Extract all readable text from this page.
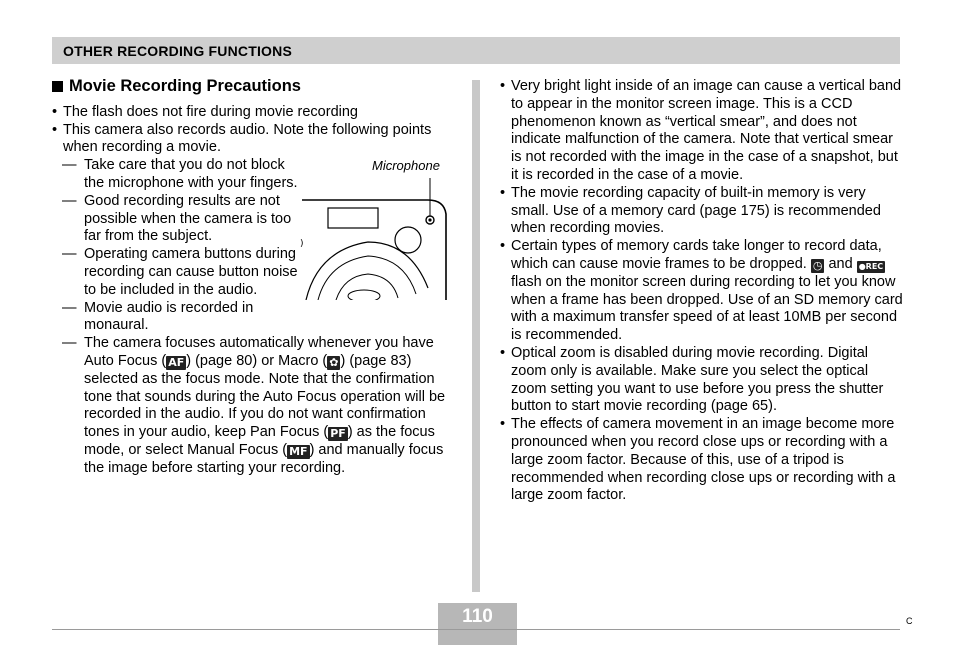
OTHER RECORDING FUNCTIONS
Movie Recording Precautions
• The flash does not fire during movie recording
• This camera also records audio. Note the following points when recording a movie.
— Take care that you do not block the microphone with your fingers.
— Good recording results are not possible when the camera is too far from the subject.
— Operating camera buttons during recording can cause button noise to be included in the audio.
— Movie audio is recorded in monaural.
— The camera focuses automatically whenever you have Auto Focus ( AF ) (page 80) or Macro ( ✿ ) (page 83) selected as the focus mode. Note that the confirmation tone that sounds during the Auto Focus operation will be recorded in the audio. If you do not want confirmation tones in your audio, keep Pan Focus ( PF ) as the focus mode, or select Manual Focus ( MF ) and manually focus the image before starting your recording.
Microphone
)
• Very bright light inside of an image can cause a vertical band to appear in the monitor screen image. This is a CCD phenomenon known as “vertical smear”, and does not indicate malfunction of the camera. Note that vertical smear is not recorded with the image in the case of a snapshot, but it is recorded in the case of a movie.
• The movie recording capacity of built-in memory is very small. Use of a memory card (page 175) is recommended when recording movies.
• Certain types of memory cards take longer to record data, which can cause movie frames to be dropped. ◷ and ●REC flash on the monitor screen during recording to let you know when a frame has been dropped. Use of an SD memory card with a maximum transfer speed of at least 10MB per second is recommended.
• Optical zoom is disabled during movie recording. Digital zoom only is available. Make sure you select the optical zoom setting you want to use before you press the shutter button to start movie recording (page 65).
• The effects of camera movement in an image become more pronounced when you record close ups or recording with a large zoom factor. Because of this, use of a tripod is recommended when recording close ups or recording with a large zoom factor.
110	C
